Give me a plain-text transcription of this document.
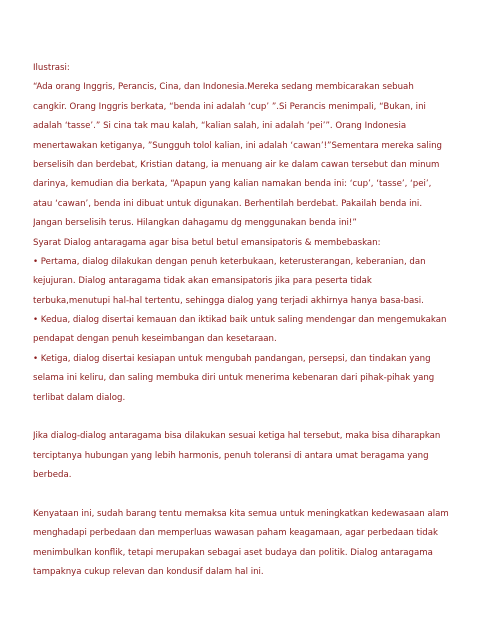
Ilustrasi:
“Ada orang Inggris, Perancis, Cina, dan Indonesia.Mereka sedang membicarakan sebuah
cangkir. Orang Inggris berkata, “benda ini adalah ‘cup’ ”.Si Perancis menimpali, “Bukan, ini
adalah ‘tasse’.” Si cina tak mau kalah, “kalian salah, ini adalah ‘pei’”. Orang Indonesia
menertawakan ketiganya, ”Sungguh tolol kalian, ini adalah ‘cawan’!”Sementara mereka saling
berselisih dan berdebat, Kristian datang, ia menuang air ke dalam cawan tersebut dan minum
darinya, kemudian dia berkata, “Apapun yang kalian namakan benda ini: ‘cup’, ‘tasse’, ‘pei’,
atau ‘cawan’, benda ini dibuat untuk digunakan. Berhentilah berdebat. Pakailah benda ini.
Jangan berselisih terus. Hilangkan dahagamu dg menggunakan benda ini!”
Syarat Dialog antaragama agar bisa betul betul emansipatoris & membebaskan:
• Pertama, dialog dilakukan dengan penuh keterbukaan, keterusterangan, keberanian, dan
kejujuran. Dialog antaragama tidak akan emansipatoris jika para peserta tidak
terbuka,menutupi hal-hal tertentu, sehingga dialog yang terjadi akhirnya hanya basa-basi.
• Kedua, dialog disertai kemauan dan iktikad baik untuk saling mendengar dan mengemukakan
pendapat dengan penuh keseimbangan dan kesetaraan.
• Ketiga, dialog disertai kesiapan untuk mengubah pandangan, persepsi, dan tindakan yang
selama ini keliru, dan saling membuka diri untuk menerima kebenaran dari pihak-pihak yang
terlibat dalam dialog.
Jika dialog-dialog antaragama bisa dilakukan sesuai ketiga hal tersebut, maka bisa diharapkan
terciptanya hubungan yang lebih harmonis, penuh toleransi di antara umat beragama yang
berbeda.
Kenyataan ini, sudah barang tentu memaksa kita semua untuk meningkatkan kedewasaan alam
menghadapi perbedaan dan memperluas wawasan paham keagamaan, agar perbedaan tidak
menimbulkan konflik, tetapi merupakan sebagai aset budaya dan politik. Dialog antaragama
tampaknya cukup relevan dan kondusif dalam hal ini.
